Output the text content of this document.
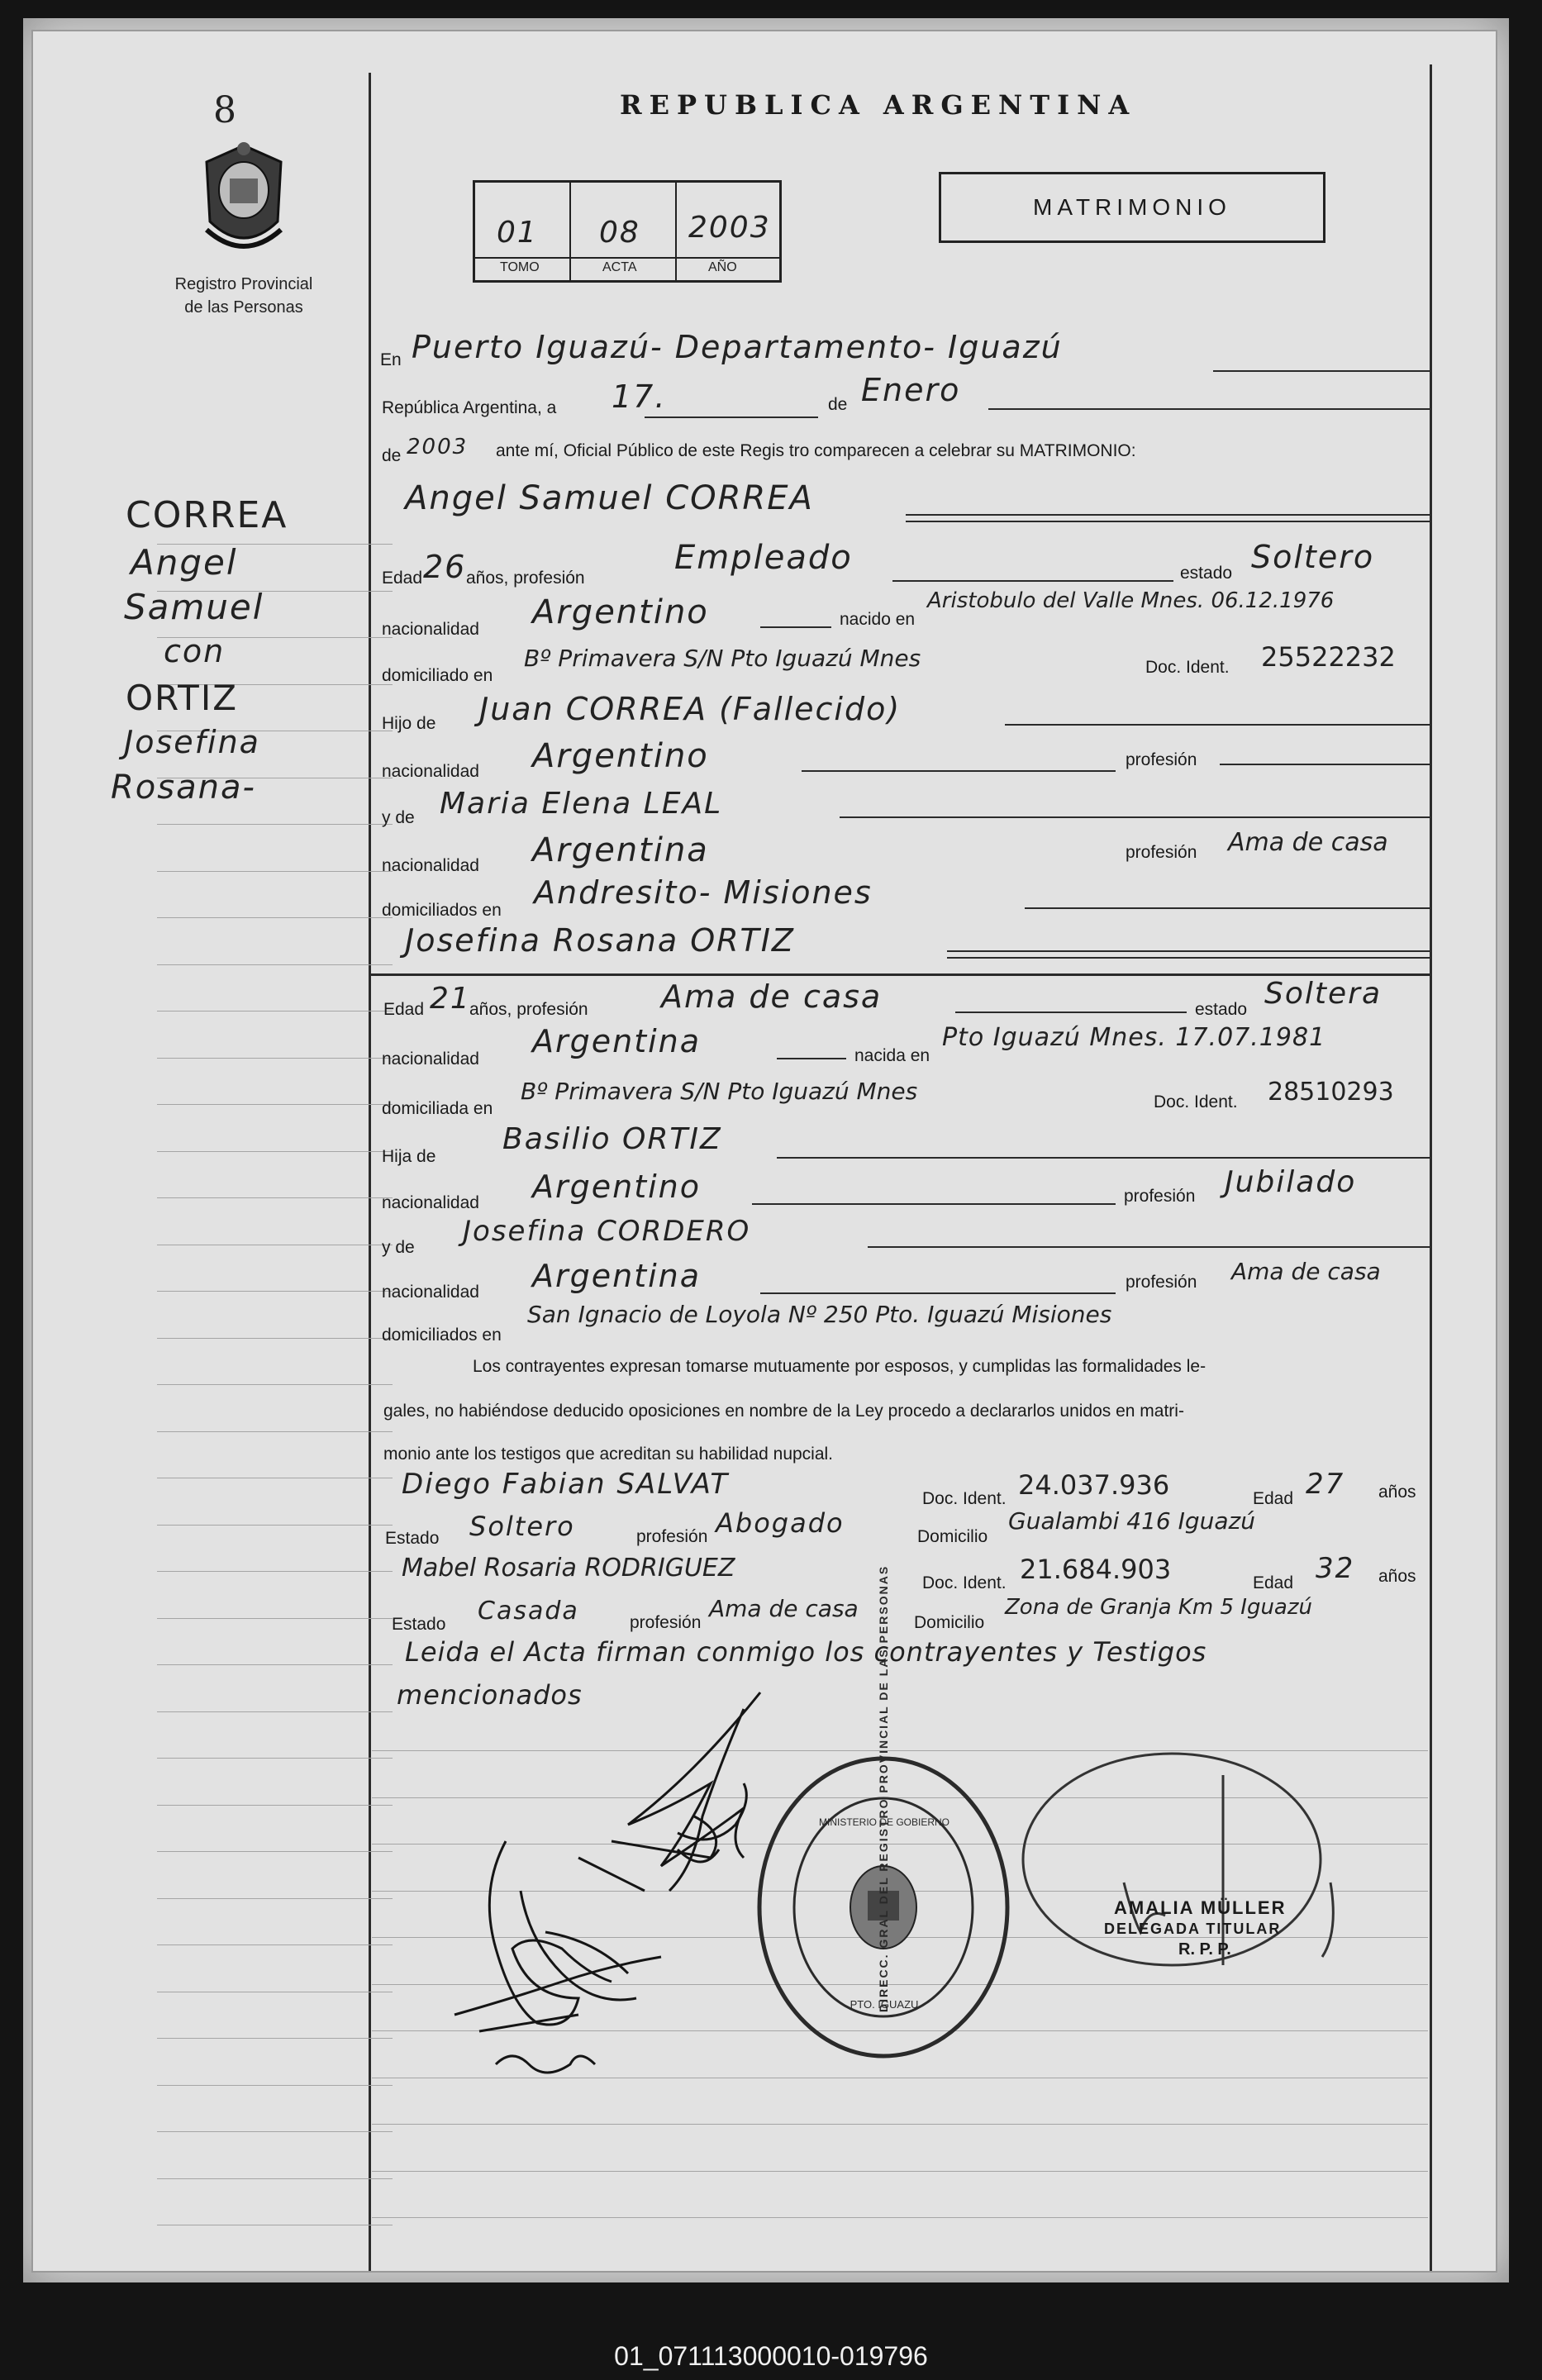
8
Registro Provincial
de las Personas
REPUBLICA ARGENTINA
01 08 2003
TOMO	ACTA	AÑO
MATRIMONIO
CORREA
Angel
Samuel
con
ORTIZ
Josefina
Rosana-
En Puerto Iguazú- Departamento- Iguazú
República Argentina, a 17.	de Enero
de 2003 ante mí, Oficial Público de este Regis tro comparecen a celebrar su MATRIMONIO:
Angel Samuel CORREA
Edad 26 años, profesión
Empleado	estado Soltero
nacionalidad Argentino	nacido en
Aristobulo del Valle Mnes. 06.12.1976
domiciliado en
Bº Primavera S/N Pto Iguazú Mnes	Doc. Ident. 25522232
Hijo de Juan CORREA (Fallecido)
nacionalidad Argentino	profesión
y de Maria Elena LEAL
nacionalidad Argentina	profesión Ama de casa
domiciliados en Andresito- Misiones
Josefina Rosana ORTIZ
Edad 21
años, profesión Ama de casa	estado Soltera
nacionalidad Argentina	nacida en
Pto Iguazú Mnes. 17.07.1981
domiciliada en
Bº Primavera S/N Pto Iguazú Mnes	Doc. Ident. 28510293
Hija de
Basilio ORTIZ
nacionalidad Argentino	profesión Jubilado
y de Josefina CORDERO
nacionalidad Argentina	profesión Ama de casa
domiciliados en
San Ignacio de Loyola Nº 250 Pto. Iguazú Misiones
Los contrayentes expresan tomarse mutuamente por esposos, y cumplidas las formalidades le-
gales, no habiéndose deducido oposiciones en nombre de la Ley procedo a declararlos unidos en matri-
monio ante los testigos que acreditan su habilidad nupcial.
Diego Fabian SALVAT	Doc. Ident. 24.037.936	Edad 27 años
Estado Soltero	profesión Abogado	Domicilio
Gualambi 416 Iguazú
Mabel Rosaria RODRIGUEZ
Doc. Ident. 21.684.903	Edad 32 años
Estado Casada	profesión
Ama de casa
Domicilio
Zona de Granja Km 5 Iguazú
Leida el Acta firman conmigo los contrayentes y Testigos
mencionados	DIRECC. GRAL DEL REGISTRO PROVINCIAL DE LAS PERSONAS
MINISTERIO DE GOBIERNO
PTO. IGUAZU
AMALIA MÜLLER
DELEGADA TITULAR
R. P. P.
01_071113000010-019796
